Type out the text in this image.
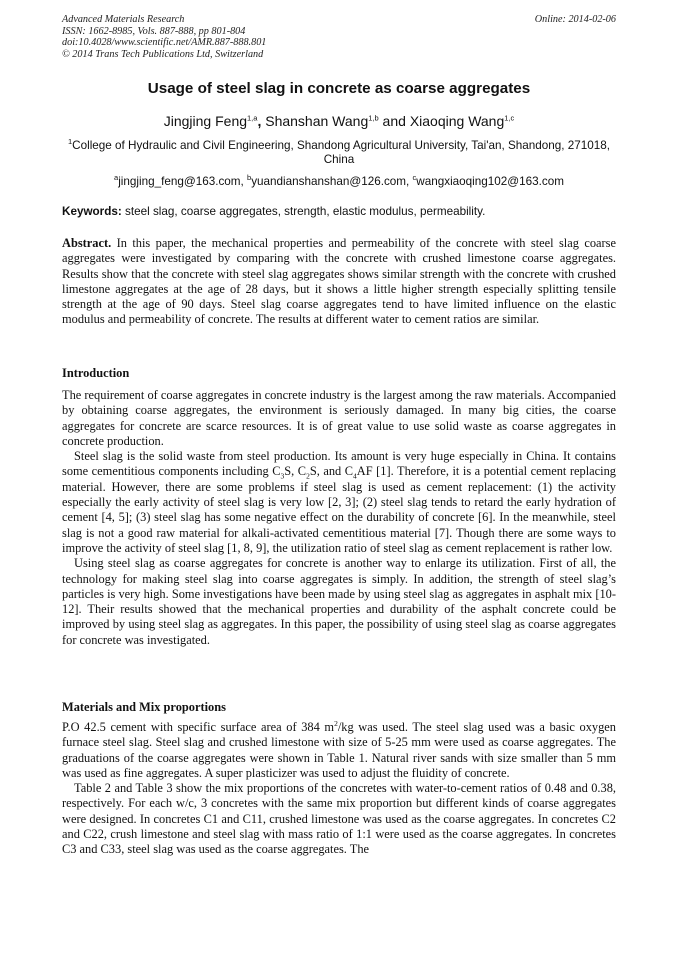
Advanced Materials Research
ISSN: 1662-8985, Vols. 887-888, pp 801-804
doi:10.4028/www.scientific.net/AMR.887-888.801
© 2014 Trans Tech Publications Ltd, Switzerland
Online: 2014-02-06
Usage of steel slag in concrete as coarse aggregates
Jingjing Feng$^{1,a}$, Shanshan Wang$^{1,b}$ and Xiaoqing Wang$^{1,c}$
$^1$College of Hydraulic and Civil Engineering, Shandong Agricultural University, Tai'an, Shandong, 271018, China
$^a$jingjing_feng@163.com, $^b$yuandianshanshan@126.com, $^c$wangxiaoqing102@163.com
Keywords: steel slag, coarse aggregates, strength, elastic modulus, permeability.

Abstract. In this paper, the mechanical properties and permeability of the concrete with steel slag coarse aggregates were investigated by comparing with the concrete with crushed limestone coarse aggregates. Results show that the concrete with steel slag aggregates shows similar strength with the concrete with crushed limestone aggregates at the age of 28 days, but it shows a little higher strength especially splitting tensile strength at the age of 90 days. Steel slag coarse aggregates tend to have limited influence on the elastic modulus and permeability of concrete. The results at different water to cement ratios are similar.

Introduction

The requirement of coarse aggregates in concrete industry is the largest among the raw materials. Accompanied by obtaining coarse aggregates, the environment is seriously damaged. In many big cities, the coarse aggregates for concrete are scarce resources. It is of great value to use solid waste as coarse aggregates in concrete production.

Steel slag is the solid waste from steel production. Its amount is very huge especially in China. It contains some cementitious components including $C_3S$, $C_2S$, and $C_4AF$ [1]. Therefore, it is a potential cement replacing material. However, there are some problems if steel slag is used as cement replacement: (1) the activity especially the early activity of steel slag is very low [2, 3]; (2) steel slag tends to retard the early hydration of cement [4, 5]; (3) steel slag has some negative effect on the durability of concrete [6]. In the meanwhile, steel slag is not a good raw material for alkali-activated cementitious material [7]. Though there are some ways to improve the activity of steel slag [1, 8, 9], the utilization ratio of steel slag as cement replacement is rather low.

Using steel slag as coarse aggregates for concrete is another way to enlarge its utilization. First of all, the technology for making steel slag into coarse aggregates is simply. In addition, the strength of steel slag’s particles is very high. Some investigations have been made by using steel slag as aggregates in asphalt mix [10-12]. Their results showed that the mechanical properties and durability of the asphalt concrete could be improved by using steel slag as aggregates. In this paper, the possibility of using steel slag as coarse aggregates for concrete was investigated.

Materials and Mix proportions

P.O 42.5 cement with specific surface area of 384 $m^2/kg$ was used. The steel slag used was a basic oxygen furnace steel slag. Steel slag and crushed limestone with size of 5-25 mm were used as coarse aggregates. The graduations of the coarse aggregates were shown in Table 1. Natural river sands with size smaller than 5 mm was used as fine aggregates. A super plasticizer was used to adjust the fluidity of concrete.

Table 2 and Table 3 show the mix proportions of the concretes with water-to-cement ratios of 0.48 and 0.38, respectively. For each w/c, 3 concretes with the same mix proportion but different kinds of coarse aggregates were designed. In concretes C1 and C11, crushed limestone was used as the coarse aggregates. In concretes C2 and C22, crush limestone and steel slag with mass ratio of 1:1 were used as the coarse aggregates. In concretes C3 and C33, steel slag was used as the coarse aggregates. The
